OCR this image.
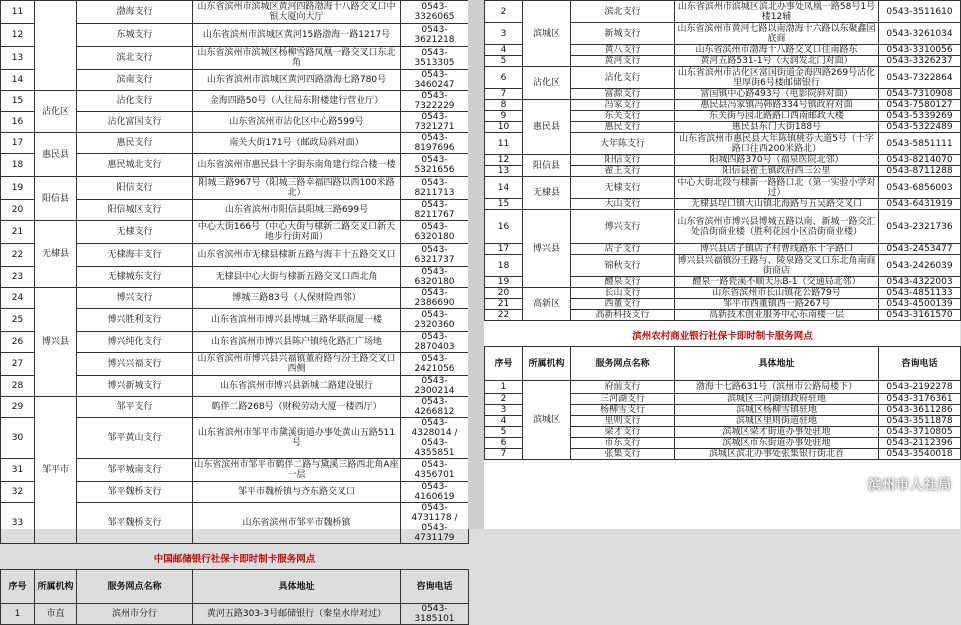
11		渤海支行	山东省滨州市滨城区黄河四路渤海十八路交叉口中银大厦向大厅	0543-3326065
12		东城支行	山东省滨州市滨城区黄河15路渤海一路1217号	0543-3621218
13		滨北支行	山东省滨州市滨城区杨柳雪路凤凰一路交叉口东北角	0543-3513305
14		滨南支行	山东省滨州市滨城区黄河四路渤海七路780号	0543-3460247
15	沾化区	沾化支行	金海四路50号（人往局东附楼建行营业厅）	0543-7322229
16		沾化富国支行	山东省滨州市沾化区中心路599号	0543-7321271
17	惠民县	惠民支行	南关大街171号（邮政局斜对面）	0543-8197696
18		惠民城北支行	山东省滨州市惠民县十字街东南角建行综合楼一楼	0543-5321656
19	阳信县	阳信支行	阳城三路967号（阳城三路幸福四路以西100米路北）	0543-8211713
20		阳信城区支行	山东省滨州市阳信县阳城三路699号	0543-8211767
21	无棣县	无棣支行	中心大街166号（中心大街与棣新二路交叉口新天地步行街对面）	0543-6320180
22		无棣海丰支行	山东省滨州市无棣县棣新五路与海丰十五路交叉口	0543-6321737
23		无棣城东支行	无棣县中心大街与棣新五路交叉口西北角	0543-6320180
24	博兴县	博兴支行	博城三路83号（人保财险西邻）	0543-2386690
25		博兴胜利支行	山东省滨州市博兴县博城三路华联商厦一楼	0543-2320360
26		博兴纯化支行	山东省滨州市博兴县陈户镇纯化路汇广场地	0543-2870403
27		博兴兴福支行	山东省滨州市博兴县兴福镇董府路与汾王路交叉口西侧	0543-2421056
28		博兴新城支行	山东省滨州市博兴县新城二路建设银行	0543-2300214
29	邹平市	邹平支行	鹤伴二路268号（财税劳动大厦一楼西厅）	0543-4266812
30		邹平黄山支行	山东省滨州市邹平市黛溪街道办事处黄山五路511号	0543-4328014 / 0543-4355851
31		邹平城南支行	山东省滨州市邹平市鹤伴二路与黛溪三路西北角A座一层	0543-4356701
32		邹平魏桥支行	邹平市魏桥镇与齐东路交叉口	0543-4160619
33		邹平魏桥支行	山东省滨州市邹平市魏桥镇	0543-4731178 / 0543-4731179
中国邮储银行社保卡即时制卡服务网点				
序号	所属机构	服务网点名称	具体地址	咨询电话
1	市直	滨州市分行	黄河五路303-3号邮储银行（秦皇水岸对过）	0543-3185101
2	滨城区	滨北支行	山东省滨州市滨城区滨北办事处凤凰一路58号1号楼12辅	0543-3511610
3		新城支行	山东省滨州市黄河七路以南渤海十六路以东聚鑫园底商	0543-3261034
4		黄八支行	山东省滨州市渤海十八路交叉口往南路东	0543-3310056
5		黄河支行	黄河五路531-1号（大润发北门对面）	0543-3326237
6	沾化区	沾化支行	山东省滨州市沾化区富国街道金海四路269号沾化里厚街6号楼邮储银行	0543-7322864
7		富源支行	富国镇中心路493号（电影院斜对面）	0543-7310908
8	惠民县	冯家支行	惠民县冯家镇冯韩路334号镇政府对面	0543-7580127
9		东关支行	东关街与园北路路口西南邮政大楼	0543-5339269
10		惠民支行	惠民县东门大街188号	0543-5322489
11		大年陈支行	山东省滨州市惠民县大年陈镇桃芬大道5号（十字路口往西200米路北）	0543-5851111
12	阳信县	阳信支行	阳城四路370号（福泉医院北邻）	0543-8214070
13		翟王支行	阳信县翟王镇政府西三公里	0543-8711288
14	无棣县	无棣支行	中心大街北段与棣新一路路口北（第一实验小学对过）	0543-6856003
15		大山支行	无棣县埕口镇大山镇北海路与五吴路交叉口	0543-6431919
16	博兴县	博兴支行	山东省滨州市博兴县博城五路以南、新城一路交汇处沿街商业楼（胜利花园小区沿街商业楼）	0543-2321736
17		店子支行	博兴县店子镇店子村曹线路东十字路口	0543-2453477
18		锦秋支行	博兴县兴福镇汾王路与、陵泉路交叉口东北角南商街商店	0543-2426039
19		醴泉支行	醴泉一路瓷溪不顺天乐B-1（交通局北邻）	0543-4322003
20	高新区	长山支行	山东省滨州市长山镇花公路79号	0543-4851133
21		西董支行	邹平市西董镇西一路267号	0543-4500139
22		高新科技支行	高新技术创业服务中心东南楼一层	0543-3161570
滨州农村商业银行社保卡即时制卡服务网点				
序号	所属机构	服务网点名称	具体地址	咨询电话
1	滨城区	府前支行	渤海十七路631号（滨州市公路局楼下）	0543-2192278
2		三河湖支行	滨城区三河湖镇政府驻地	0543-3176361
3		杨柳雪支行	滨城区杨柳雪镇驻地	0543-3611286
4		里则支行	滨城区里则街道驻地	0543-3511878
5		梁才支行	滨城区梁才街道办事处驻地	0543-3710805
6		市东支行	滨城区市东街道办事处驻地	0543-2112396
7		张集支行	滨城区滨北办事处张集银行街北首	0543-3540018
滨州市人社局
